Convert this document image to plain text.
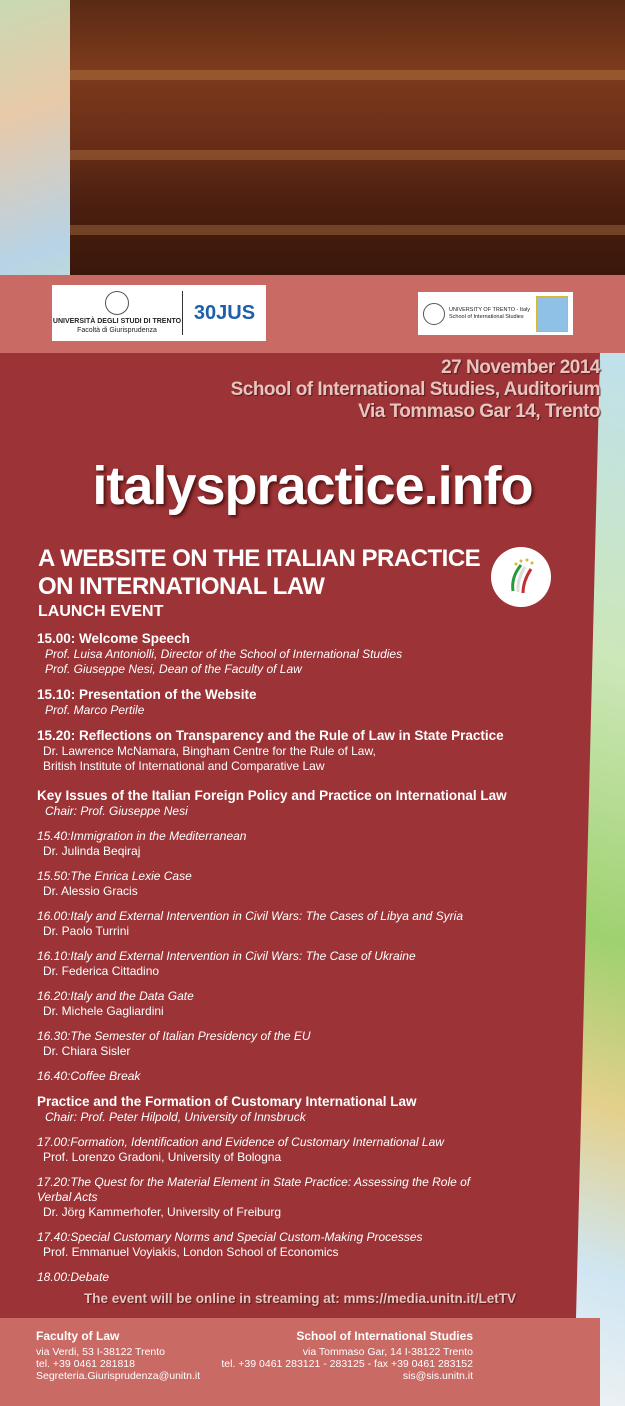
UNIVERSITÀ DEGLI STUDI DI TRENTO
Facoltà di Giurisprudenza
30JUS	UNIVERSITY OF TRENTO - Italy
School of International Studies
27 November 2014
School of International Studies, Auditorium
Via Tommaso Gar 14, Trento
italyspractice.info
A WEBSITE ON THE ITALIAN PRACTICE
ON INTERNATIONAL LAW
LAUNCH EVENT
15.00: Welcome Speech
Prof. Luisa Antoniolli, Director of the School of International Studies
Prof. Giuseppe Nesi, Dean of the Faculty of Law
15.10: Presentation of the Website
Prof. Marco Pertile
15.20: Reflections on Transparency and the Rule of Law in State Practice
Dr. Lawrence McNamara, Bingham Centre for the Rule of Law,
British Institute of International and Comparative Law
Key Issues of the Italian Foreign Policy and Practice on International Law
Chair: Prof. Giuseppe Nesi
15.40:Immigration in the Mediterranean
Dr. Julinda Beqiraj
15.50:The Enrica Lexie Case
Dr. Alessio Gracis
16.00:Italy and External Intervention in Civil Wars: The Cases of Libya and Syria
Dr. Paolo Turrini
16.10:Italy and External Intervention in Civil Wars: The Case of Ukraine
Dr. Federica Cittadino
16.20:Italy and the Data Gate
Dr. Michele Gagliardini
16.30:The Semester of Italian Presidency of the EU
Dr. Chiara Sisler
16.40:Coffee Break
Practice and the Formation of Customary International Law
Chair: Prof. Peter Hilpold, University of Innsbruck
17.00:Formation, Identification and Evidence of Customary International Law
Prof. Lorenzo Gradoni, University of Bologna
17.20:The Quest for the Material Element in State Practice: Assessing the Role of Verbal Acts
Dr. Jörg Kammerhofer, University of Freiburg
17.40:Special Customary Norms and Special Custom-Making Processes
Prof. Emmanuel Voyiakis, London School of Economics
18.00:Debate
The event will be online in streaming at: mms://media.unitn.it/LetTV
Faculty of Law
via Verdi, 53 I-38122 Trento
tel. +39 0461 281818
Segreteria.Giurisprudenza@unitn.it
School of International Studies
via Tommaso Gar, 14 I-38122 Trento
tel. +39 0461 283121 - 283125 - fax +39 0461 283152
sis@sis.unitn.it
